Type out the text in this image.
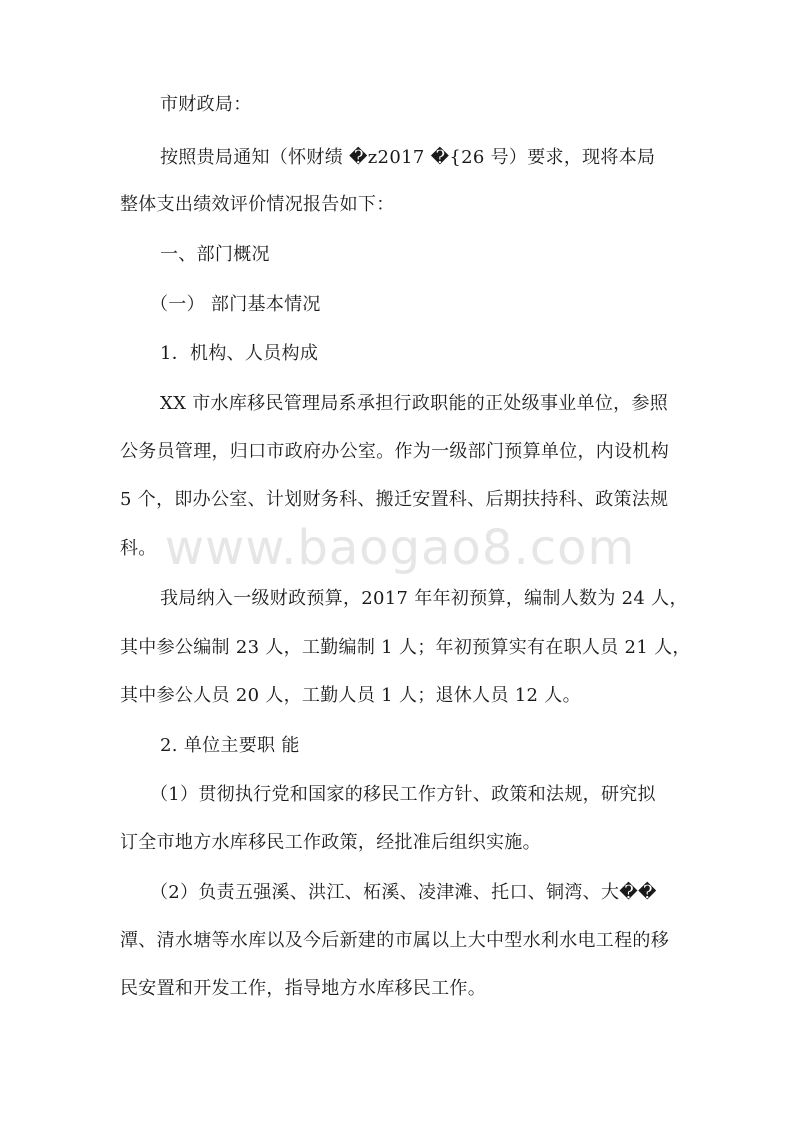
www.baogao8.com
市财政局：
按照贵局通知（怀财绩 �z2017 �{26 号）要求，现将本局
整体支出绩效评价情况报告如下：
一、部门概况
（一） 部门基本情况
1．机构、人员构成
XX 市水库移民管理局系承担行政职能的正处级事业单位，参照
公务员管理，归口市政府办公室。作为一级部门预算单位，内设机构
5 个，即办公室、计划财务科、搬迁安置科、后期扶持科、政策法规
科。
我局纳入一级财政预算，2017 年年初预算，编制人数为 24 人，
其中参公编制 23 人，工勤编制 1 人；年初预算实有在职人员 21 人，
其中参公人员 20 人，工勤人员 1 人；退休人员 12 人。
2. 单位主要职 能
（1）贯彻执行党和国家的移民工作方针、政策和法规，研究拟
订全市地方水库移民工作政策，经批准后组织实施。
（2）负责五强溪、洪江、柘溪、凌津滩、托口、铜湾、大��
潭、清水塘等水库以及今后新建的市属以上大中型水利水电工程的移
民安置和开发工作，指导地方水库移民工作。
